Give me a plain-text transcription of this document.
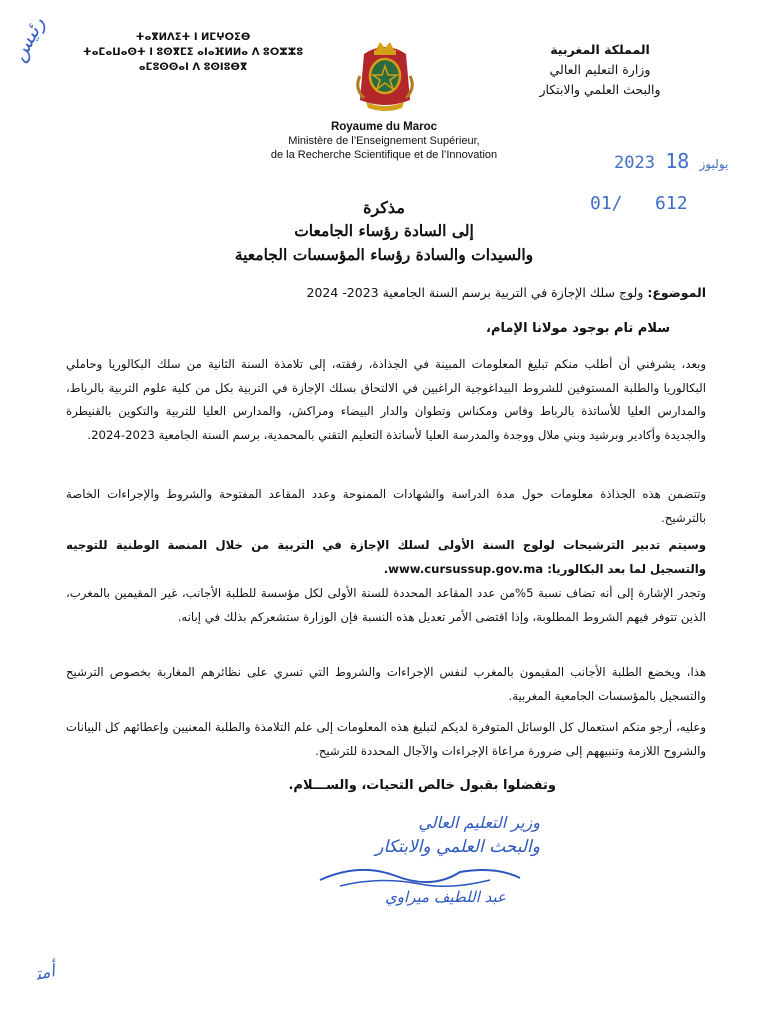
ﺭﺋﻴﺲ	ⵜⴰⴳⵍⴷⵉⵜ ⵏ ⵍⵎⵖⵔⵉⴱ
ⵜⴰⵎⴰⵡⴰⵙⵜ ⵏ ⵓⵙⴳⵎⵉ ⴰⵏⴰⴼⵍⵍⴰ ⴷ ⵓⵔⵣⵣⵓ
ⴰⵎⵓⵙⵙⴰⵏ ⴷ ⵓⵙⵏⵓⴱⴳ
المملكة المغربية
وزارة التعليم العالي
والبحث العلمي والابتكار
Royaume du Maroc
Ministère de l’Enseignement Supérieur,
de la Recherche Scientifique et de l’Innovation	2023	يوليوز 18
01/   612
مذكرة
إلى السادة رؤساء الجامعات
والسيدات والسادة رؤساء المؤسسات الجامعية
الموضوع: ولوج سلك الإجازة في التربية برسم السنة الجامعية 2023- 2024
سلام تام بوجود مولانا الإمام،
وبعد، يشرفني أن أطلب منكم تبليغ المعلومات المبينة في الجذاذة، رفقته، إلى تلامذة السنة الثانية من سلك البكالوريا وحاملي البكالوريا والطلبة المستوفين للشروط البيداغوجية الراغبين في الالتحاق بسلك الإجازة في التربية بكل من كلية علوم التربية بالرباط، والمدارس العليا للأساتذة بالرباط وفاس ومكناس وتطوان والدار البيضاء ومراكش، والمدارس العليا للتربية والتكوين بالقنيطرة والجديدة وأكادير وبرشيد وبني ملال ووجدة والمدرسة العليا لأساتذة التعليم التقني بالمحمدية، برسم السنة الجامعية 2023-2024.
وتتضمن هذه الجذاذة معلومات حول مدة الدراسة والشهادات الممنوحة وعدد المقاعد المفتوحة والشروط والإجراءات الخاصة بالترشيح.
وسيتم تدبير الترشيحات لولوج السنة الأولى لسلك الإجازة في التربية من خلال المنصة الوطنية للتوجيه والتسجيل لما بعد البكالوريا: www.cursussup.gov.ma.
وتجدر الإشارة إلى أنه تضاف نسبة 5%من عدد المقاعد المحددة للسنة الأولى لكل مؤسسة للطلبة الأجانب، غير المقيمين بالمغرب، الذين تتوفر فيهم الشروط المطلوبة، وإذا اقتضى الأمر تعديل هذه النسبة فإن الوزارة ستشعركم بذلك في إبانه.
هذا، ويخضع الطلبة الأجانب المقيمون بالمغرب لنفس الإجراءات والشروط التي تسري على نظائرهم المغاربة بخصوص الترشيح والتسجيل بالمؤسسات الجامعية المغربية.
وعليه، أرجو منكم استعمال كل الوسائل المتوفرة لديكم لتبليغ هذه المعلومات إلى علم التلامذة والطلبة المعنيين وإعطائهم كل البيانات والشروح اللازمة وتنبيههم إلى ضرورة مراعاة الإجراءات والآجال المحددة للترشيح.
وتفضلوا بقبول خالص التحيات، والســـلام.
وزير التعليم العالي
والبحث العلمي والابتكار
عبد اللطيف ميراوي
ﺃﻣﺘ
